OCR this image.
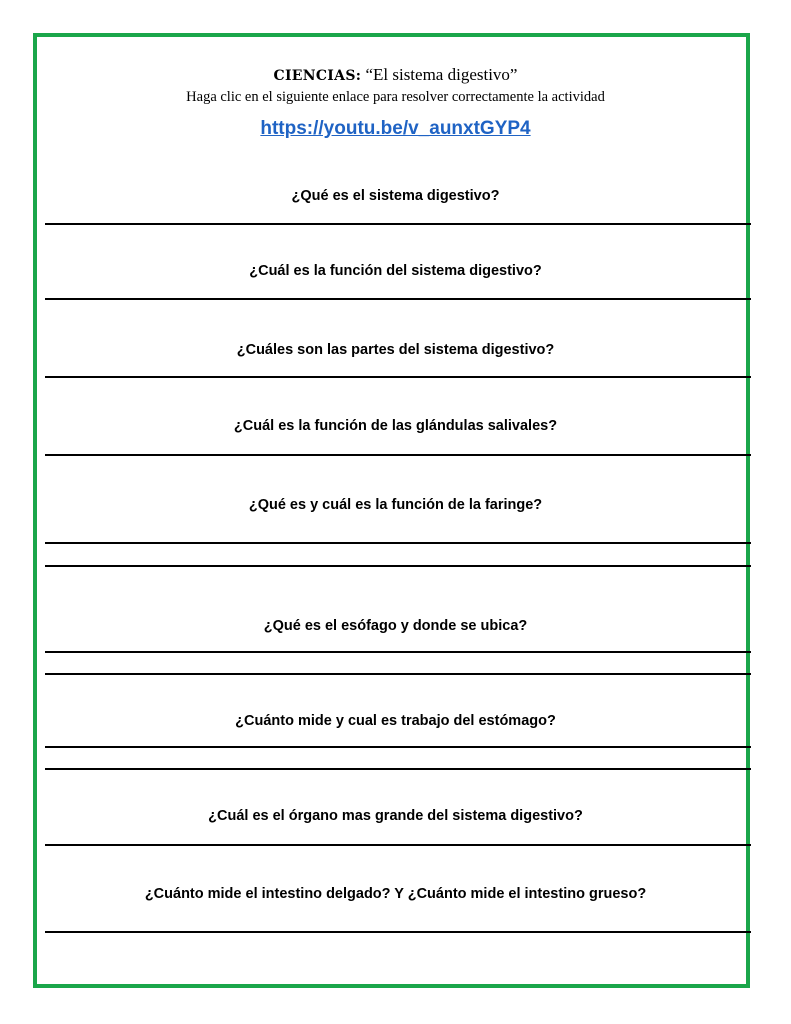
CIENCIAS: “El sistema digestivo”
Haga clic en el siguiente enlace para resolver correctamente la actividad
https://youtu.be/v_aunxtGYP4
¿Qué es el sistema digestivo?
¿Cuál es la función del sistema digestivo?
¿Cuáles son las partes del sistema digestivo?
¿Cuál es la función de las glándulas salivales?
¿Qué es y cuál es la función de la faringe?
¿Qué es el esófago y donde se ubica?
¿Cuánto mide y cual es trabajo del estómago?
¿Cuál es el órgano mas grande del sistema digestivo?
¿Cuánto mide el intestino delgado? Y ¿Cuánto mide el intestino grueso?
